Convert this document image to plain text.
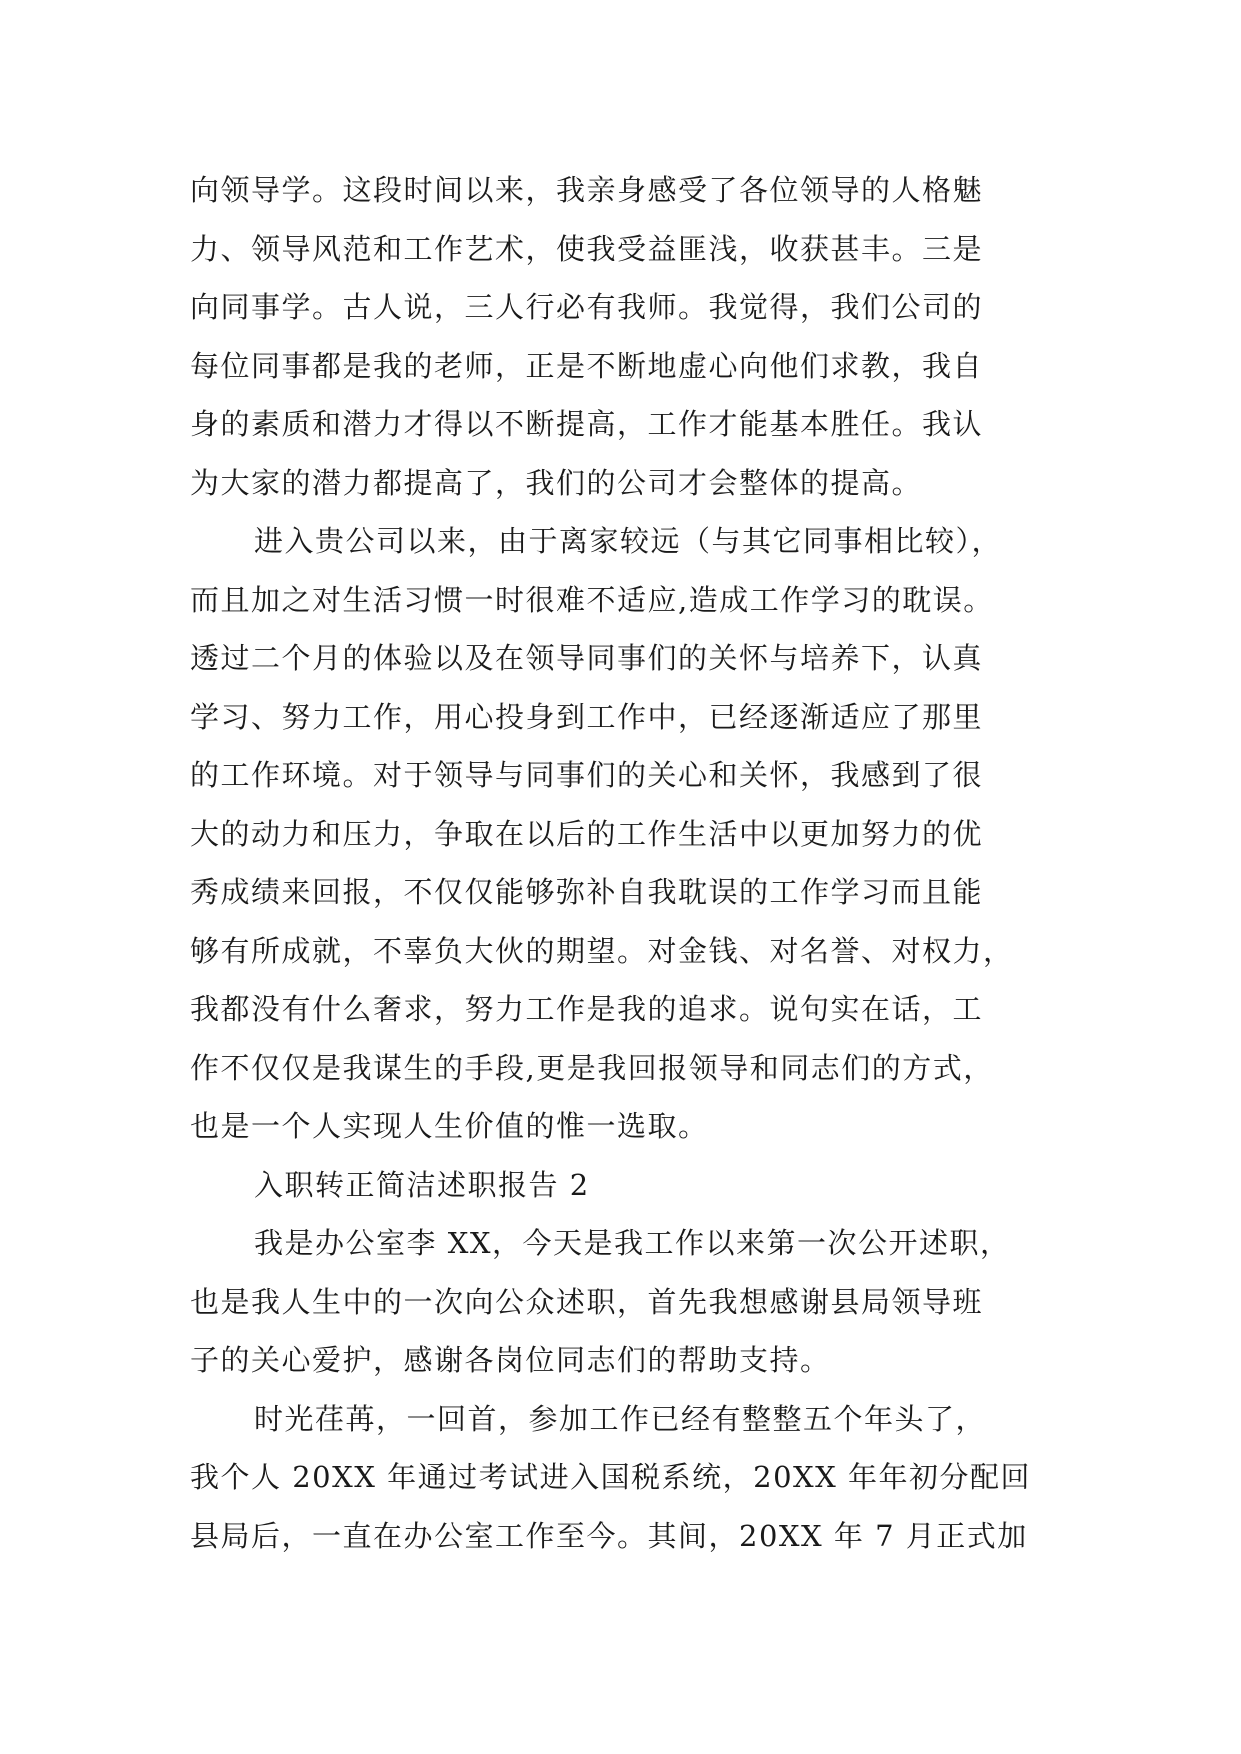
向领导学。这段时间以来，我亲身感受了各位领导的人格魅
力、领导风范和工作艺术，使我受益匪浅，收获甚丰。三是
向同事学。古人说，三人行必有我师。我觉得，我们公司的
每位同事都是我的老师，正是不断地虚心向他们求教，我自
身的素质和潜力才得以不断提高，工作才能基本胜任。我认
为大家的潜力都提高了，我们的公司才会整体的提高。
进入贵公司以来，由于离家较远（与其它同事相比较），
而且加之对生活习惯一时很难不适应,造成工作学习的耽误。
透过二个月的体验以及在领导同事们的关怀与培养下，认真
学习、努力工作，用心投身到工作中，已经逐渐适应了那里
的工作环境。对于领导与同事们的关心和关怀，我感到了很
大的动力和压力，争取在以后的工作生活中以更加努力的优
秀成绩来回报，不仅仅能够弥补自我耽误的工作学习而且能
够有所成就，不辜负大伙的期望。对金钱、对名誉、对权力，
我都没有什么奢求，努力工作是我的追求。说句实在话，工
作不仅仅是我谋生的手段,更是我回报领导和同志们的方式，
也是一个人实现人生价值的惟一选取。
入职转正简洁述职报告 2
我是办公室李 XX，今天是我工作以来第一次公开述职，
也是我人生中的一次向公众述职，首先我想感谢县局领导班
子的关心爱护，感谢各岗位同志们的帮助支持。
时光荏苒，一回首，参加工作已经有整整五个年头了，
我个人 20XX 年通过考试进入国税系统，20XX 年年初分配回
县局后，一直在办公室工作至今。其间，20XX 年 7 月正式加
